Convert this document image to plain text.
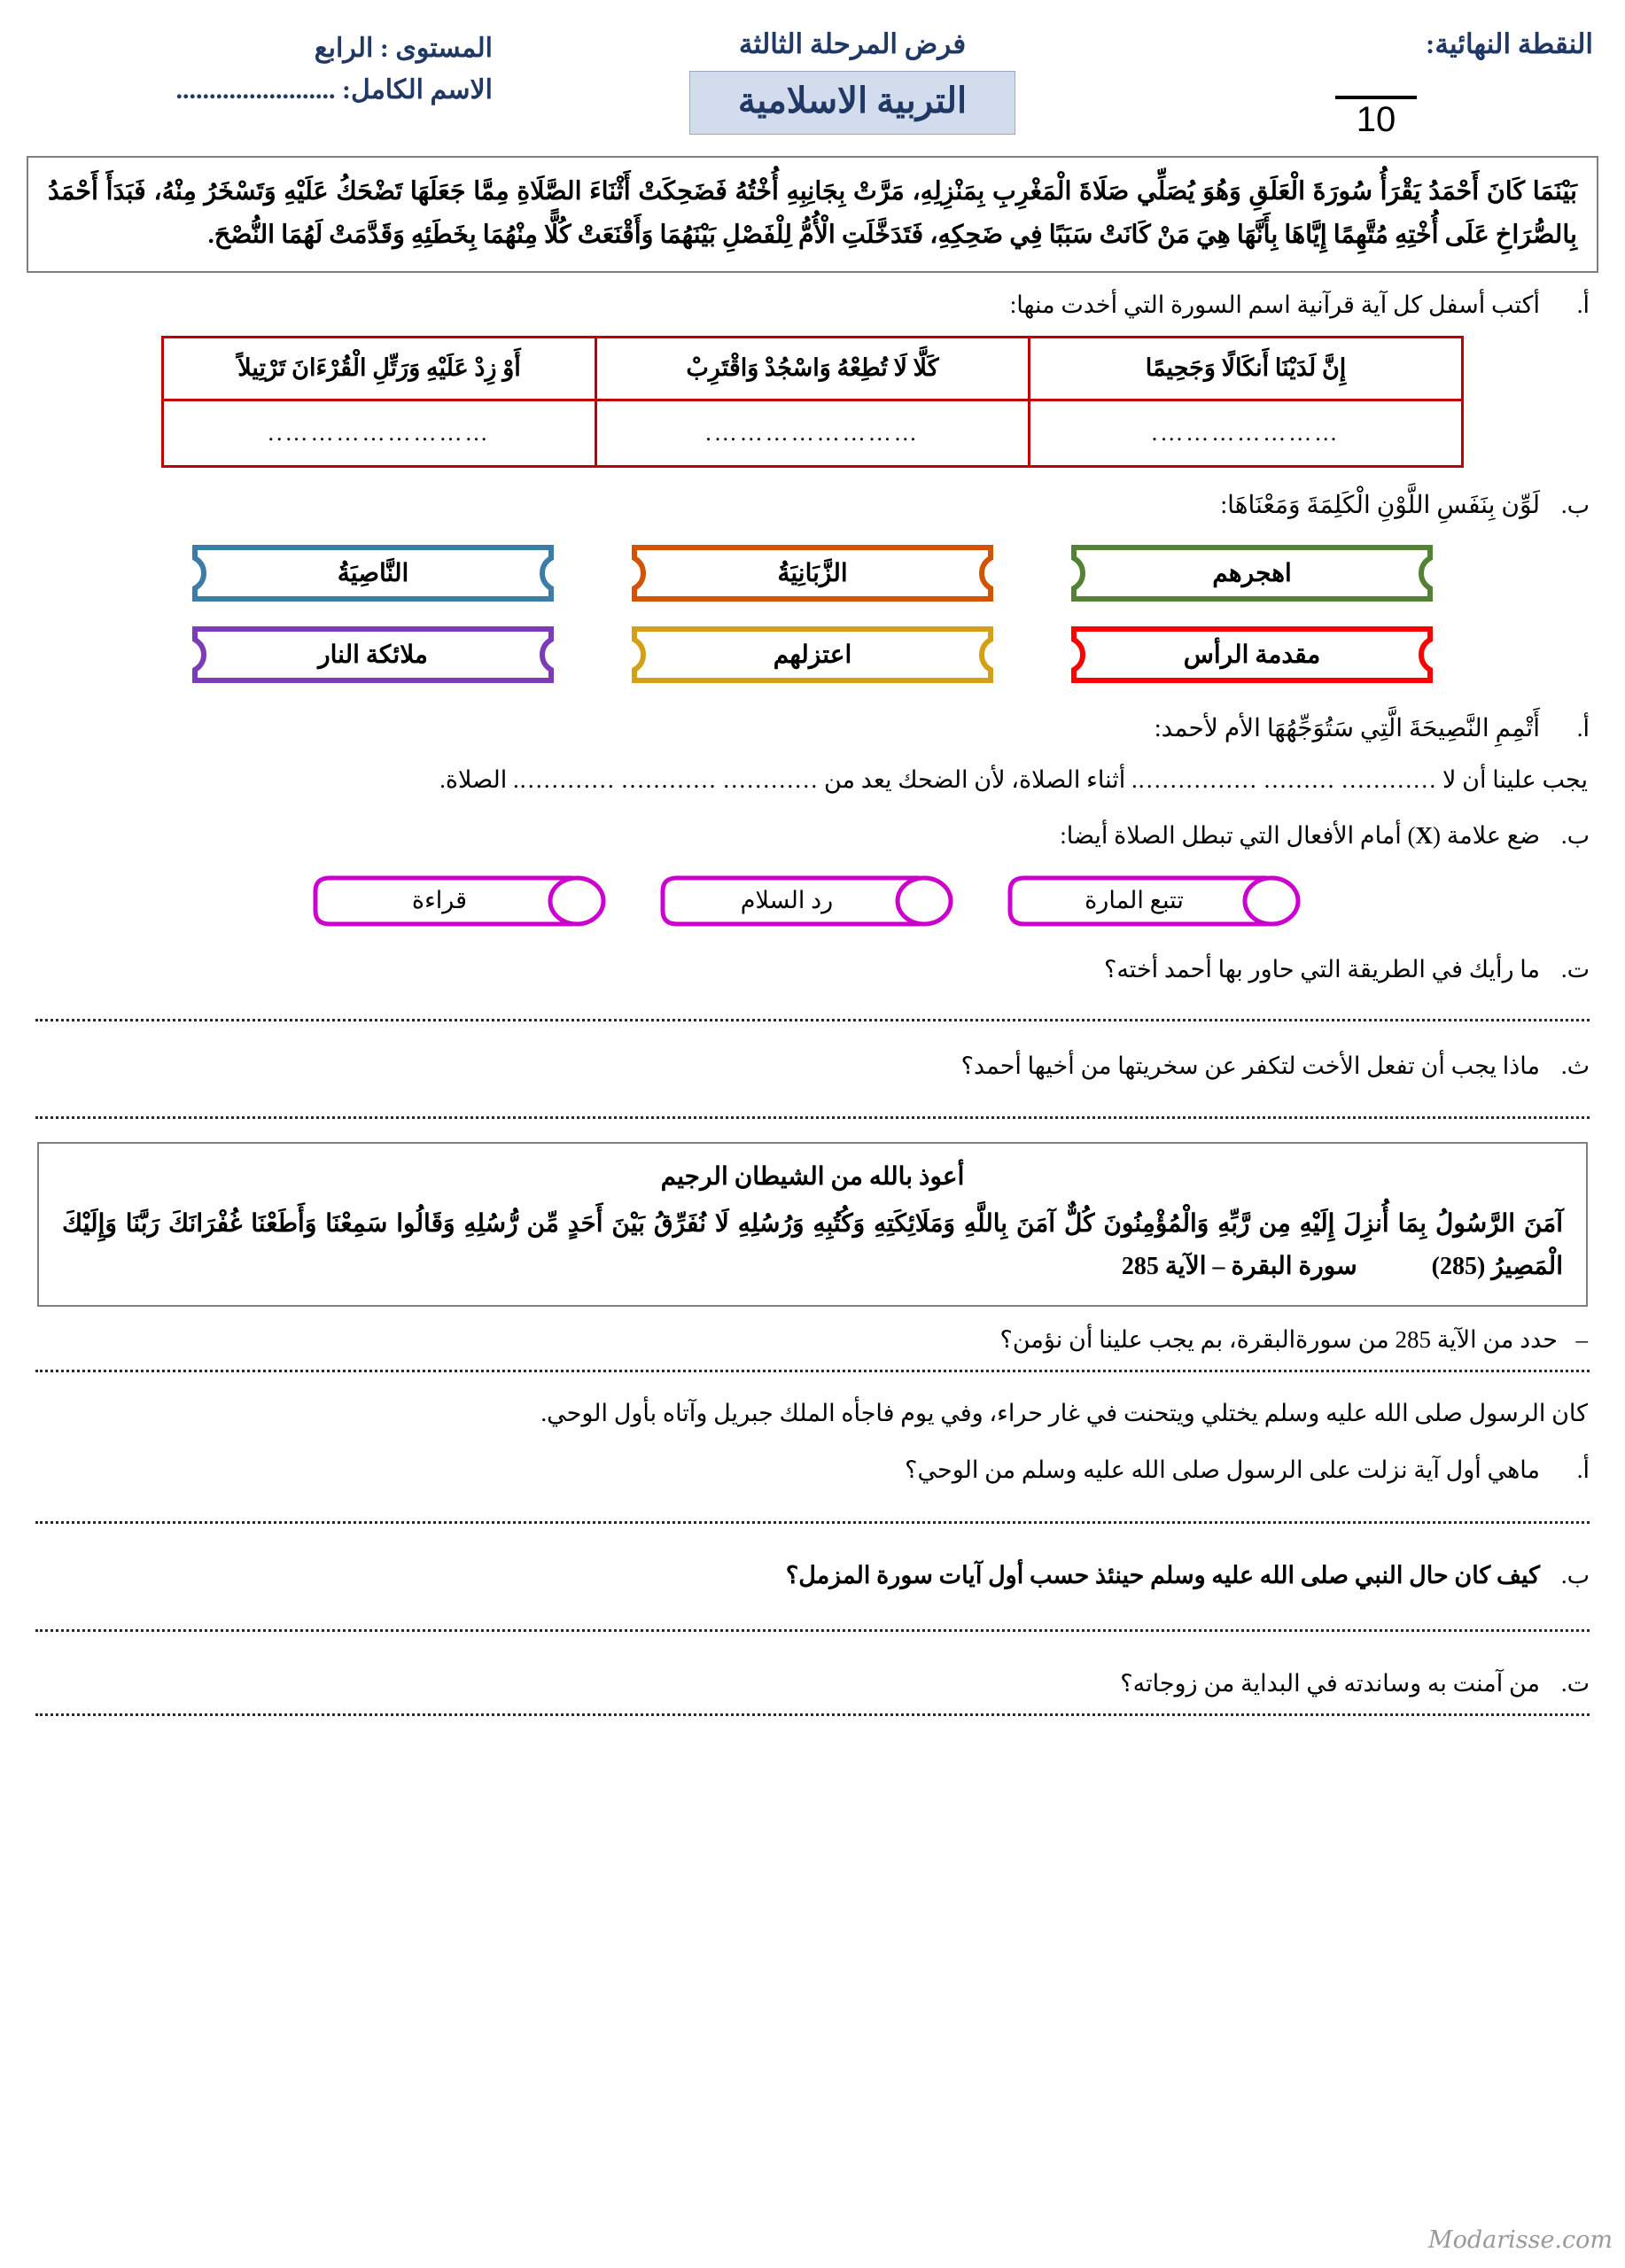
النقطة النهائية:
10
فرض المرحلة الثالثة
التربية الاسلامية
المستوى : الرابع
الاسم الكامل: ........................
بَيْنَمَا كَانَ أَحْمَدُ يَقْرَأُ سُورَةَ الْعَلَقِ وَهُوَ يُصَلِّي صَلَاةَ الْمَغْرِبِ بِمَنْزِلِهِ، مَرَّتْ بِجَانِبِهِ أُخْتُهُ فَضَحِكَتْ أَثْنَاءَ الصَّلَاةِ مِمَّا جَعَلَهَا تَضْحَكُ عَلَيْهِ وَتَسْخَرُ مِنْهُ، فَبَدَأَ أَحْمَدُ بِالصُّرَاخِ عَلَى أُخْتِهِ مُتَّهِمًا إِيَّاهَا بِأَنَّهَا هِيَ مَنْ كَانَتْ سَبَبًا فِي ضَحِكِهِ، فَتَدَخَّلَتِ الْأُمُّ لِلْفَصْلِ بَيْنَهُمَا وَأَقْنَعَتْ كُلًّا مِنْهُمَا بِخَطَئِهِ وَقَدَّمَتْ لَهُمَا النُّصْحَ.
أ.
أكتب أسفل كل آية قرآنية اسم السورة التي أخدت منها:
إِنَّ لَدَيْنَا أَنكَالًا وَجَحِيمًا	كَلَّا لَا تُطِعْهُ وَاسْجُدْ وَاقْتَرِبْ	أَوْ زِدْ عَلَيْهِ وَرَتِّلِ الْقُرْءَانَ تَرْتِيلاً
………………….	…………………….	……………………..
ب.
لَوِّن بِنَفَسِ اللَّوْنِ الْكَلِمَةَ وَمَعْنَاهَا:
اهجرهم
الزَّبَانِيَةُ
النَّاصِيَةُ
مقدمة الرأس
اعتزلهم
ملائكة النار
أ.
أَتْمِمِ النَّصِيحَةَ الَّتِي سَتُوَجِّهُهَا الأم لأحمد:
يجب علينا أن لا ………… ……… ……………. أثناء الصلاة، لأن الضحك يعد من ………… ………… …………. الصلاة.
ب.
ضع علامة (X) أمام الأفعال التي تبطل الصلاة أيضا:
تتبع المارة
رد السلام
قراءة
ت.
ما رأيك في الطريقة التي حاور بها أحمد أخته؟
ث.
ماذا يجب أن تفعل الأخت لتكفر عن سخريتها من أخيها أحمد؟
أعوذ بالله من الشيطان الرجيم
آمَنَ الرَّسُولُ بِمَا أُنزِلَ إِلَيْهِ مِن رَّبِّهِ وَالْمُؤْمِنُونَ كُلٌّ آمَنَ بِاللَّهِ وَمَلَائِكَتِهِ وَكُتُبِهِ وَرُسُلِهِ لَا نُفَرِّقُ بَيْنَ أَحَدٍ مِّن رُّسُلِهِ وَقَالُوا سَمِعْنَا وَأَطَعْنَا غُفْرَانَكَ رَبَّنَا وَإِلَيْكَ الْمَصِيرُ (285)  سورة البقرة – الآية 285
–
حدد من الآية 285 من سورةالبقرة، بم يجب علينا أن نؤمن؟
كان الرسول صلى الله عليه وسلم يختلي ويتحنت في غار حراء، وفي يوم فاجأه الملك جبريل وآتاه بأول الوحي.
أ.
ماهي أول آية نزلت على الرسول صلى الله عليه وسلم من الوحي؟
ب.
كيف كان حال النبي صلى الله عليه وسلم حينئذ حسب أول آيات سورة المزمل؟
ت.
من آمنت به وساندته في البداية من زوجاته؟
Modarisse.com
